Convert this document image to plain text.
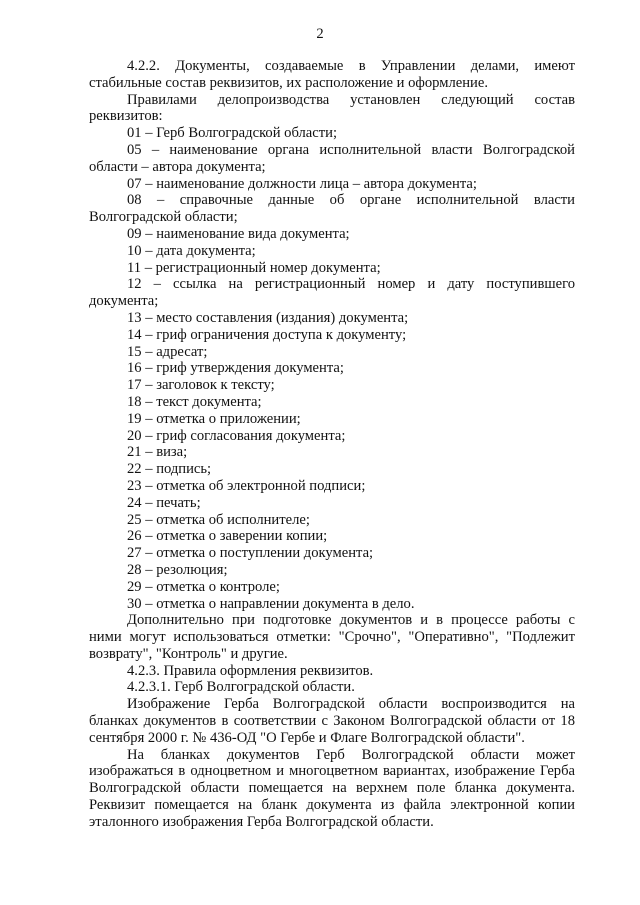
2

4.2.2. Документы, создаваемые в Управлении делами, имеют стабильные состав реквизитов, их расположение и оформление.

Правилами делопроизводства установлен следующий состав реквизитов:

01 – Герб Волгоградской области;

05 – наименование органа исполнительной власти Волгоградской области – автора документа;

07 – наименование должности лица – автора документа;

08 – справочные данные об органе исполнительной власти Волгоградской области;

09 – наименование вида документа;

10 – дата документа;

11 – регистрационный номер документа;

12 – ссылка на регистрационный номер и дату поступившего документа;

13 – место составления (издания) документа;

14 – гриф ограничения доступа к документу;

15 – адресат;

16 – гриф утверждения документа;

17 – заголовок к тексту;

18 – текст документа;

19 – отметка о приложении;

20 – гриф согласования документа;

21 – виза;

22 – подпись;

23 – отметка об электронной подписи;

24 – печать;

25 – отметка об исполнителе;

26 – отметка о заверении копии;

27 – отметка о поступлении документа;

28 – резолюция;

29 – отметка о контроле;

30 – отметка о направлении документа в дело.

Дополнительно при подготовке документов и в процессе работы с ними могут использоваться отметки: "Срочно", "Оперативно", "Подлежит возврату", "Контроль" и другие.

4.2.3. Правила оформления реквизитов.

4.2.3.1. Герб Волгоградской области.

Изображение Герба Волгоградской области воспроизводится на бланках документов в соответствии с Законом Волгоградской области от 18 сентября 2000 г. № 436-ОД "О Гербе и Флаге Волгоградской области".

На бланках документов Герб Волгоградской области может изображаться в одноцветном и многоцветном вариантах, изображение Герба Волгоградской области помещается на верхнем поле бланка документа. Реквизит помещается на бланк документа из файла электронной копии эталонного изображения Герба Волгоградской области.
